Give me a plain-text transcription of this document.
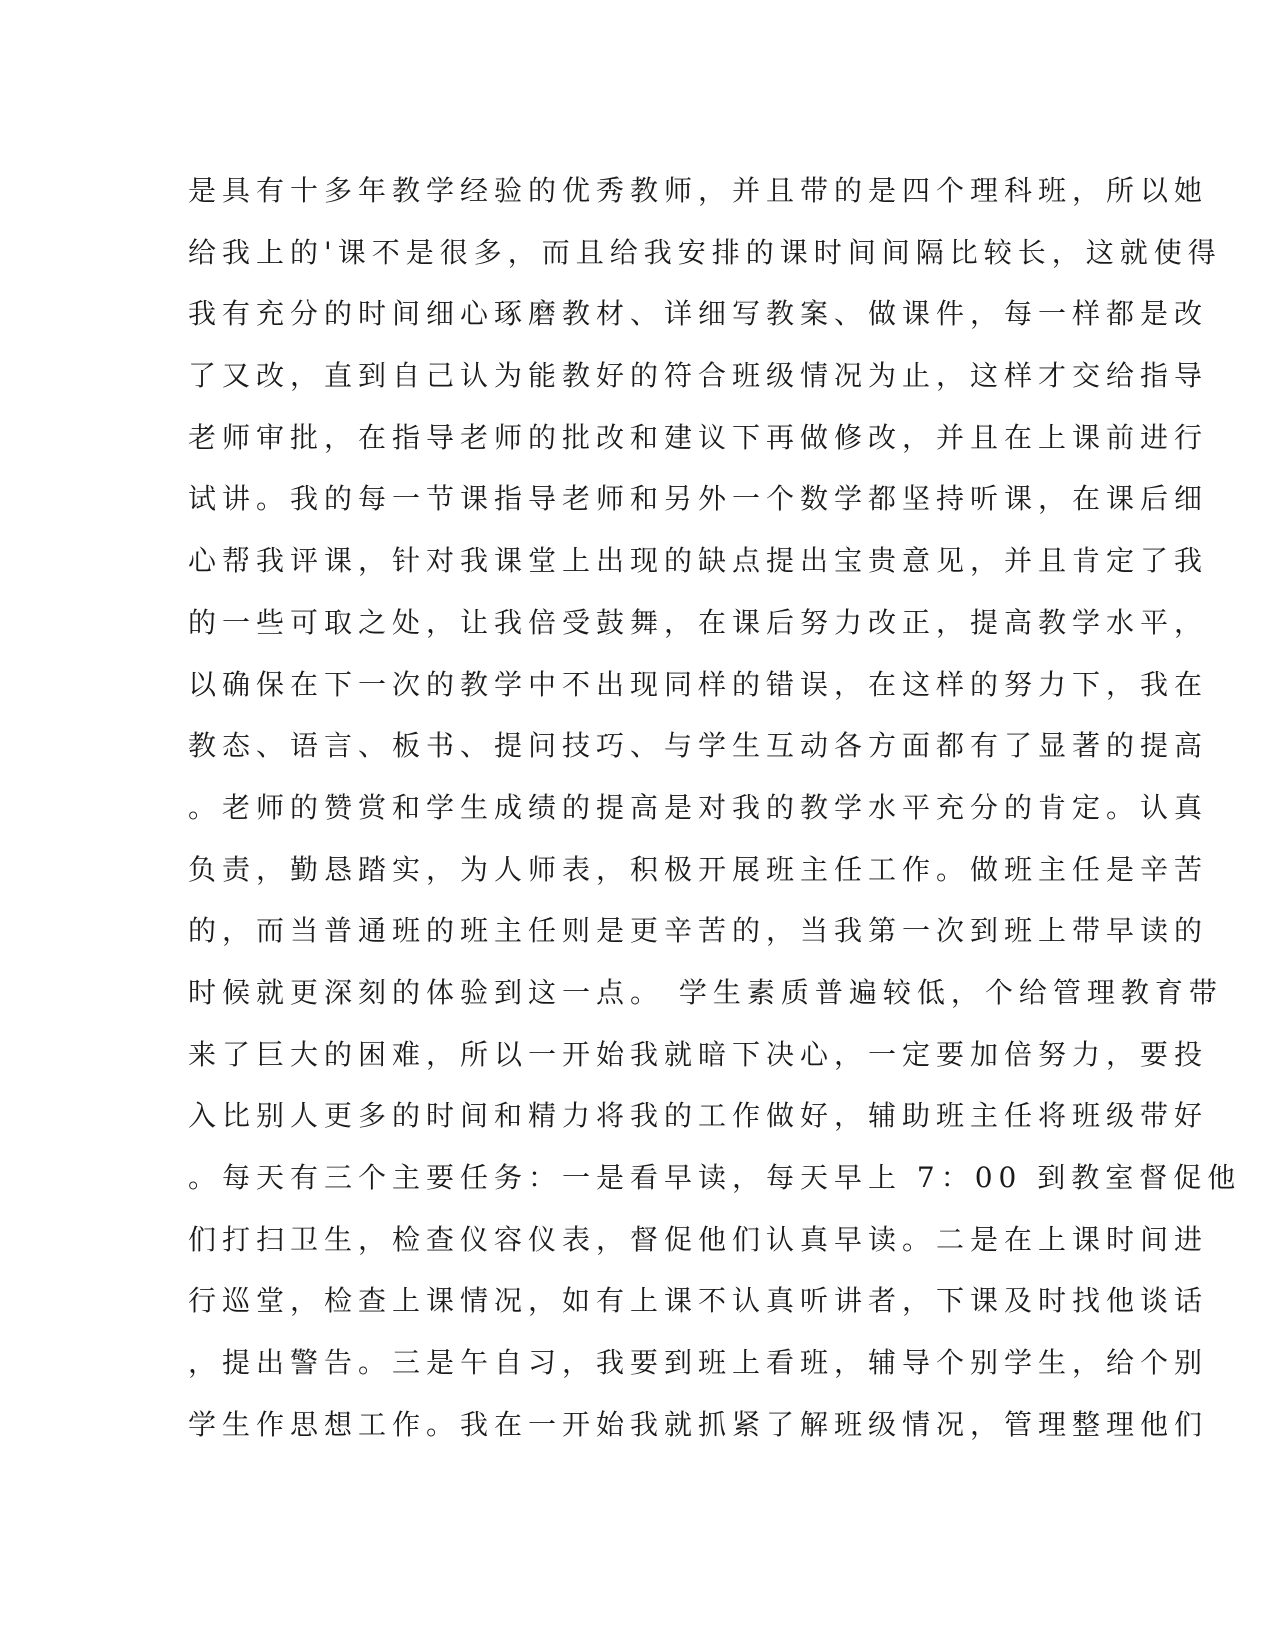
是具有十多年教学经验的优秀教师，并且带的是四个理科班，所以她
给我上的'课不是很多，而且给我安排的课时间间隔比较长，这就使得
我有充分的时间细心琢磨教材、详细写教案、做课件，每一样都是改
了又改，直到自己认为能教好的符合班级情况为止，这样才交给指导
老师审批，在指导老师的批改和建议下再做修改，并且在上课前进行
试讲。我的每一节课指导老师和另外一个数学都坚持听课，在课后细
心帮我评课，针对我课堂上出现的缺点提出宝贵意见，并且肯定了我
的一些可取之处，让我倍受鼓舞，在课后努力改正，提高教学水平，
以确保在下一次的教学中不出现同样的错误，在这样的努力下，我在
教态、语言、板书、提问技巧、与学生互动各方面都有了显著的提高
。老师的赞赏和学生成绩的提高是对我的教学水平充分的肯定。认真
负责，勤恳踏实，为人师表，积极开展班主任工作。做班主任是辛苦
的，而当普通班的班主任则是更辛苦的，当我第一次到班上带早读的
时候就更深刻的体验到这一点。 学生素质普遍较低，个给管理教育带
来了巨大的困难，所以一开始我就暗下决心，一定要加倍努力，要投
入比别人更多的时间和精力将我的工作做好，辅助班主任将班级带好
。每天有三个主要任务：一是看早读，每天早上 7：00 到教室督促他
们打扫卫生，检查仪容仪表，督促他们认真早读。二是在上课时间进
行巡堂，检查上课情况，如有上课不认真听讲者，下课及时找他谈话
，提出警告。三是午自习，我要到班上看班，辅导个别学生，给个别
学生作思想工作。我在一开始我就抓紧了解班级情况，管理整理他们
